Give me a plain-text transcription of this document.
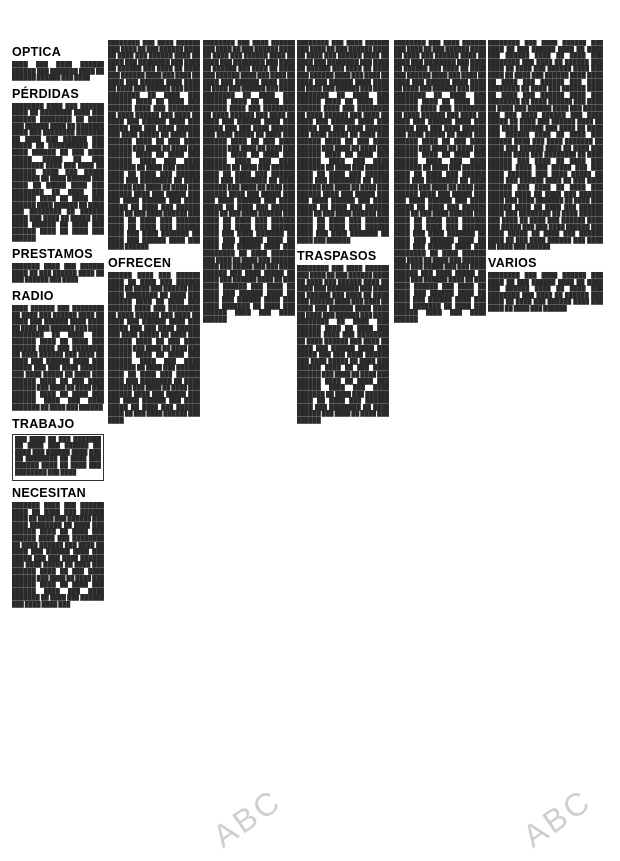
OPTICA
████ ███ ████ ██████ ██████ ███ ███████ ████ ██ ██████ ██████ ███ ████
PÉRDIDAS
████████ ████ ███ ██████ ████ ██ ████████ ████ ███ ██████ ████████ ██ ████ ███ ██████ ████ ██ ███████ ████ ███ ████████ ███████ ██ ████ ███ ██████ ███ █████ ██ ██████████ ███ ████ ██████ ██ ███ ████ █████ █████ ██ ███ ████████ ████ ███ ████ ██ ██████ ████ ███ █████ ███████ ██ ████ ██████ ███ ████ ██ █████ ████ ███ ████████ ██ ████ ███ ██████ ████ ██ ████ ███ ██████ ████ ██████ ██ ████ ███ ████████ ██ ██████ ████ ███ ████ ██ █████ ███ ████ ██████ ██ ████ ███ ██████ ████ ██ ████ ███ ██████
PRESTAMOS
███████ ████ ███ ██████ ████ ██ ███ ██████ ████ ██ ███ ██████ ███ ████
RADIO
████ ██████ ███ ████████ ██ ████ ███ ██████ ████ ██ ████ ███ ██████ ████ ████ ██ ████ ███ ██████ ███ ████ ████████ ██ ████ ███ ██████ ████ ██ ████ ███ ██████ ████ ███ ████████ ██ ████ ██████ ███ ████ ██ ████ ███ ██████ ████ ███ █████ ███ ███ ████ ██████ ███ ████ █████ ██ ████ ███ ██████ ████ ██ ███ ████ ██████ ███ ████ ██ ████ ███ ██████ ████ ██ ████ ███ ██████ ████ ███ ████ ███████ ██ ████ ███ ██████
TRABAJO
███ ████ ██ ███ ███████ ██ ████ ███ ██████ ██ ████ ███ ██████ ████ ███ ██ ████████ ██ ████ ███ ██████ ████ ██ ████ ███ ████████ ███ ████
NECESITAN
███████ ████ ███ ██████ ████ ██ ████ ███ ██████ ████ ██ ████ ███ ██████ ███ ████ ████████ ██ ████ ███ ██████ ████ ██ ████ ███ ██████ ████ ███ ████████ ██ ████ ██████ ███ ████ ██ ████ ███ ██████ ████ ███ █████ ███ ███ ████ ██████ ███ ████ █████ ██ ████ ███ ██████ ████ ██ ███ ████ ██████ ███ ████ ██ ████ ███ ██████ ████ ██ ████ ███ ██████ ████ ███ ████ ███████ ██ ████ ███ ██████ ███ ████ ████ ███
████████ ███ ████ ██████ ███ ████ ██ ███ ██████ ████ ██ ████ ███ ██████ ████ ██ ████ ███ ████████ ███ ████ ██ ██████ ███ ████ ██ ████ ███ ██████ ████ ███ ████ ██ ████ ███ ██████ ████ ████ ██ ████ ███ ██████ ███ ████ ████████ ██ ████ ███ ██████ ████ ██ ████ ███ ██████ ████ ███ ████████ ██ ████ ██████ ███ ████ ██ ████ ███ ██████ ████ ███ █████ ███ ███ ████ ██████ ███ ████ █████ ██ ████ ███ ██████ ████ ██ ███ ████ ██████ ███ ████ ██ ████ ███ ██████ ████ ██ ████ ███ ██████ ████ ███ ████ ███████ ██ ████ ███ ██████ ████ ██ ████ ███ ██████ ████ ███ ████████ ██ ████ ██████ ███ ████ ██ ████ ███ ██████ ████ ███ █████ ███ ███ ████ ██████ ███ ████ █████ ██ ████ ███ ██████ ████ ██ ███ ████ ██████ ███ ████ ██ ████ ███ ██████ ████ ██ ████ ███ ██████ ████ ███ ████ ███████ ██ ████ ███ ██████ ████ ███ ████ ██████
OFRECEN
██████ ████ ███ ██████ ████ ██ ████ ███ ██████ ████ ██ ████ ███ ██████ ███ ████ ████████ ██ ████ ███ ██████ ████ ██ ████ ███ ██████ ████ ███ ████████ ██ ████ ██████ ███ ████ ██ ████ ███ ██████ ████ ███ █████ ███ ███ ████ ██████ ███ ████ █████ ██ ████ ███ ██████ ████ ██ ███ ████ ██████ ███ ████ ██ ████ ███ ██████ ████ ██ ████ ███ ██████ ████ ███ ████ ███████ ██ ████ ███ ██████ ████ ██ ████ ███ ██████ ████ ███ ████████ ██ ████ ██████ ███ ████ ██ ████ ███ ██████ ████ ███ █████ ███ ███ ████ ██████ ███ ████ █████ ██ ████ ███ ██████ ████ ██ ███ ████ ██████ ███ ████
████████ ███ ████ ██████ ███ ████ ██ ███ ██████ ████ ██ ████ ███ ██████ ████ ██ ████ ███ ████████ ███ ████ ██ ██████ ███ ████ ██ ████ ███ ██████ ████ ███ ████ ██ ████ ███ ██████ ████ ████ ██ ████ ███ ██████ ███ ████ ████████ ██ ████ ███ ██████ ████ ██ ████ ███ ██████ ████ ███ ████████ ██ ████ ██████ ███ ████ ██ ████ ███ ██████ ████ ███ █████ ███ ███ ████ ██████ ███ ████ █████ ██ ████ ███ ██████ ████ ██ ███ ████ ██████ ███ ████ ██ ████ ███ ██████ ████ ██ ████ ███ ██████ ████ ███ ████ ███████ ██ ████ ███ ██████ ████ ██ ████ ███ ██████ ████ ███ ████████ ██ ████ ██████ ███ ████ ██ ████ ███ ██████ ████ ███ █████ ███ ███ ████ ██████ ███ ████ █████ ██ ████ ███ ██████ ████ ██ ███ ████ ██████ ███ ████ ██ ████ ███ ██████ ████ ██ ████ ███ ██████ ████ ███ ████ ███████ ██ ████ ███ ██████ ████ ██ ████ ███ ██████ ████ ███ ████████ ██ ████ ██████ ███ ████ ██ ████ ███ ██████ ████ ███ █████ ███ ███ ████ ██████ ███ ████ █████ ██ ████ ███ ██████ ████ ██ ███ ████ ██████ ███ ████ ██ ████ ███ ██████ ████ ██ ████ ███ ██████ ████ ███ ████ ███████ ██ ████ ███ ██████ ████ ███ ████ ██████
████████ ███ ████ ██████ ███ ████ ██ ███ ██████ ████ ██ ████ ███ ██████ ████ ██ ████ ███ ████████ ███ ████ ██ ██████ ███ ████ ██ ████ ███ ██████ ████ ███ ████ ██ ████ ███ ██████ ████ ████ ██ ████ ███ ██████ ███ ████ ████████ ██ ████ ███ ██████ ████ ██ ████ ███ ██████ ████ ███ ████████ ██ ████ ██████ ███ ████ ██ ████ ███ ██████ ████ ███ █████ ███ ███ ████ ██████ ███ ████ █████ ██ ████ ███ ██████ ████ ██ ███ ████ ██████ ███ ████ ██ ████ ███ ██████ ████ ██ ████ ███ ██████ ████ ███ ████ ███████ ██ ████ ███ ██████ ████ ██ ████ ███ ██████ ████ ███ ████████ ██ ████ ██████ ███ ████ ██ ████ ███ ██████ ████ ███ █████ ███ ███ ████ ██████ ███ ████ █████ ██ ████ ███ ██████ ████ ██ ███ ████ ██████ ███ ████ ██ ████ ███ ██████ ████ ██ ████ ███ ██████ ████ ███ ████ ███████ ██ ████ ███ ██████
TRASPASOS
████████ ███ ████ ██████ ███ ████ ██ ███ ██████ ████ ██ ████ ███ ██████ ████ ██ ████ ███ ████████ ███ ████ ██ ██████ ███ ████ ██ ████ ███ ██████ ████ ███ ████ ██ ████ ███ ██████ ████ ████ ██ ████ ███ ██████ ███ ████ ████████ ██ ████ ███ ██████ ████ ██ ████ ███ ██████ ████ ███ ████████ ██ ████ ██████ ███ ████ ██ ████ ███ ██████ ████ ███ █████ ███ ███ ████ ██████ ███ ████ █████ ██ ████ ███ ██████ ████ ██ ███ ████ ██████ ███ ████ ██ ████ ███ ██████ ████ ██ ████ ███ ██████ ████ ███ ████ ███████ ██ ████ ███ ██████ ████ ██ ████ ███ ██████ ████ ███ ████████ ██ ████ ██████ ███ ████ ██ ████ ███ ██████
████████ ███ ████ ██████ ███ ████ ██ ███ ██████ ████ ██ ████ ███ ██████ ████ ██ ████ ███ ████████ ███ ████ ██ ██████ ███ ████ ██ ████ ███ ██████ ████ ███ ████ ██ ████ ███ ██████ ████ ████ ██ ████ ███ ██████ ███ ████ ████████ ██ ████ ███ ██████ ████ ██ ████ ███ ██████ ████ ███ ████████ ██ ████ ██████ ███ ████ ██ ████ ███ ██████ ████ ███ █████ ███ ███ ████ ██████ ███ ████ █████ ██ ████ ███ ██████ ████ ██ ███ ████ ██████ ███ ████ ██ ████ ███ ██████ ████ ██ ████ ███ ██████ ████ ███ ████ ███████ ██ ████ ███ ██████ ████ ██ ████ ███ ██████ ████ ███ ████████ ██ ████ ██████ ███ ████ ██ ████ ███ ██████ ████ ███ █████ ███ ███ ████ ██████ ███ ████ █████ ██ ████ ███ ██████ ████ ██ ███ ████ ██████ ███ ████ ██ ████ ███ ██████ ████ ██ ████ ███ ██████ ████ ███ ████ ███████ ██ ████ ███ ██████ ████ ██ ████ ███ ██████ ████ ███ ████████ ██ ████ ██████ ███ ████ ██ ████ ███ ██████ ████ ███ █████ ███ ███ ████ ██████ ███ ████ █████ ██ ████ ███ ██████ ████ ██ ███ ████ ██████ ███ ████ ██ ████ ███ ██████ ████ ██ ████ ███ ██████ ████ ███ ████ ███████ ██ ████ ███ ██████ ████ ███ ████ ██████
████████ ███ ████ ██████ ███ ████ ██ ███ ██████ ████ ██ ████ ███ ██████ ████ ██ ████ ███ ████████ ███ ████ ██ ██████ ███ ████ ██ ████ ███ ██████ ████ ███ ████ ██ ████ ███ ██████ ████ ████ ██ ████ ███ ██████ ███ ████ ████████ ██ ████ ███ ██████ ████ ██ ████ ███ ██████ ████ ███ ████████ ██ ████ ██████ ███ ████ ██ ████ ███ ██████ ████ ███ █████ ███ ███ ████ ██████ ███ ████ █████ ██ ████ ███ ██████ ████ ██ ███ ████ ██████ ███ ████ ██ ████ ███ ██████ ████ ██ ████ ███ ██████ ████ ███ ████ ███████ ██ ████ ███ ██████ ████ ██ ████ ███ ██████ ████ ███ ████████ ██ ████ ██████ ███ ████ ██ ████ ███ ██████ ████ ███ █████ ███ ███ ████ ██████ ███ ████ █████ ██ ████ ███ ██████ ████ ██ ███ ████ ██████ ███ ████ ██ ████ ███ ██████ ████ ██ ████ ███ ██████ ████ ███ ████ ███████ ██ ████ ███ ██████ ████ ██ ████ ███ ██████ ████ ███ ████████ ██ ████ ██████ ███ ████ ██ ████ ███ ██████ ████ ███ █████ ███ ███ ████ ██████ ███ ████ █████ ██ ████ ███ ██████ ████ ██ ███ ████ ██████ ███ ████ ██ ████ ███ ██████
VARIOS
████████ ███ ████ ██████ ███ ████ ██ ███ ██████ ████ ██ ████ ███ ██████ ████ ██ ████ ███ ████████ ███ ████ ██ ██████ ███ ████ ██ ████ ███ ██████ ████ ███ ████ ██ ████ ███ ██████
ABC	ABC
